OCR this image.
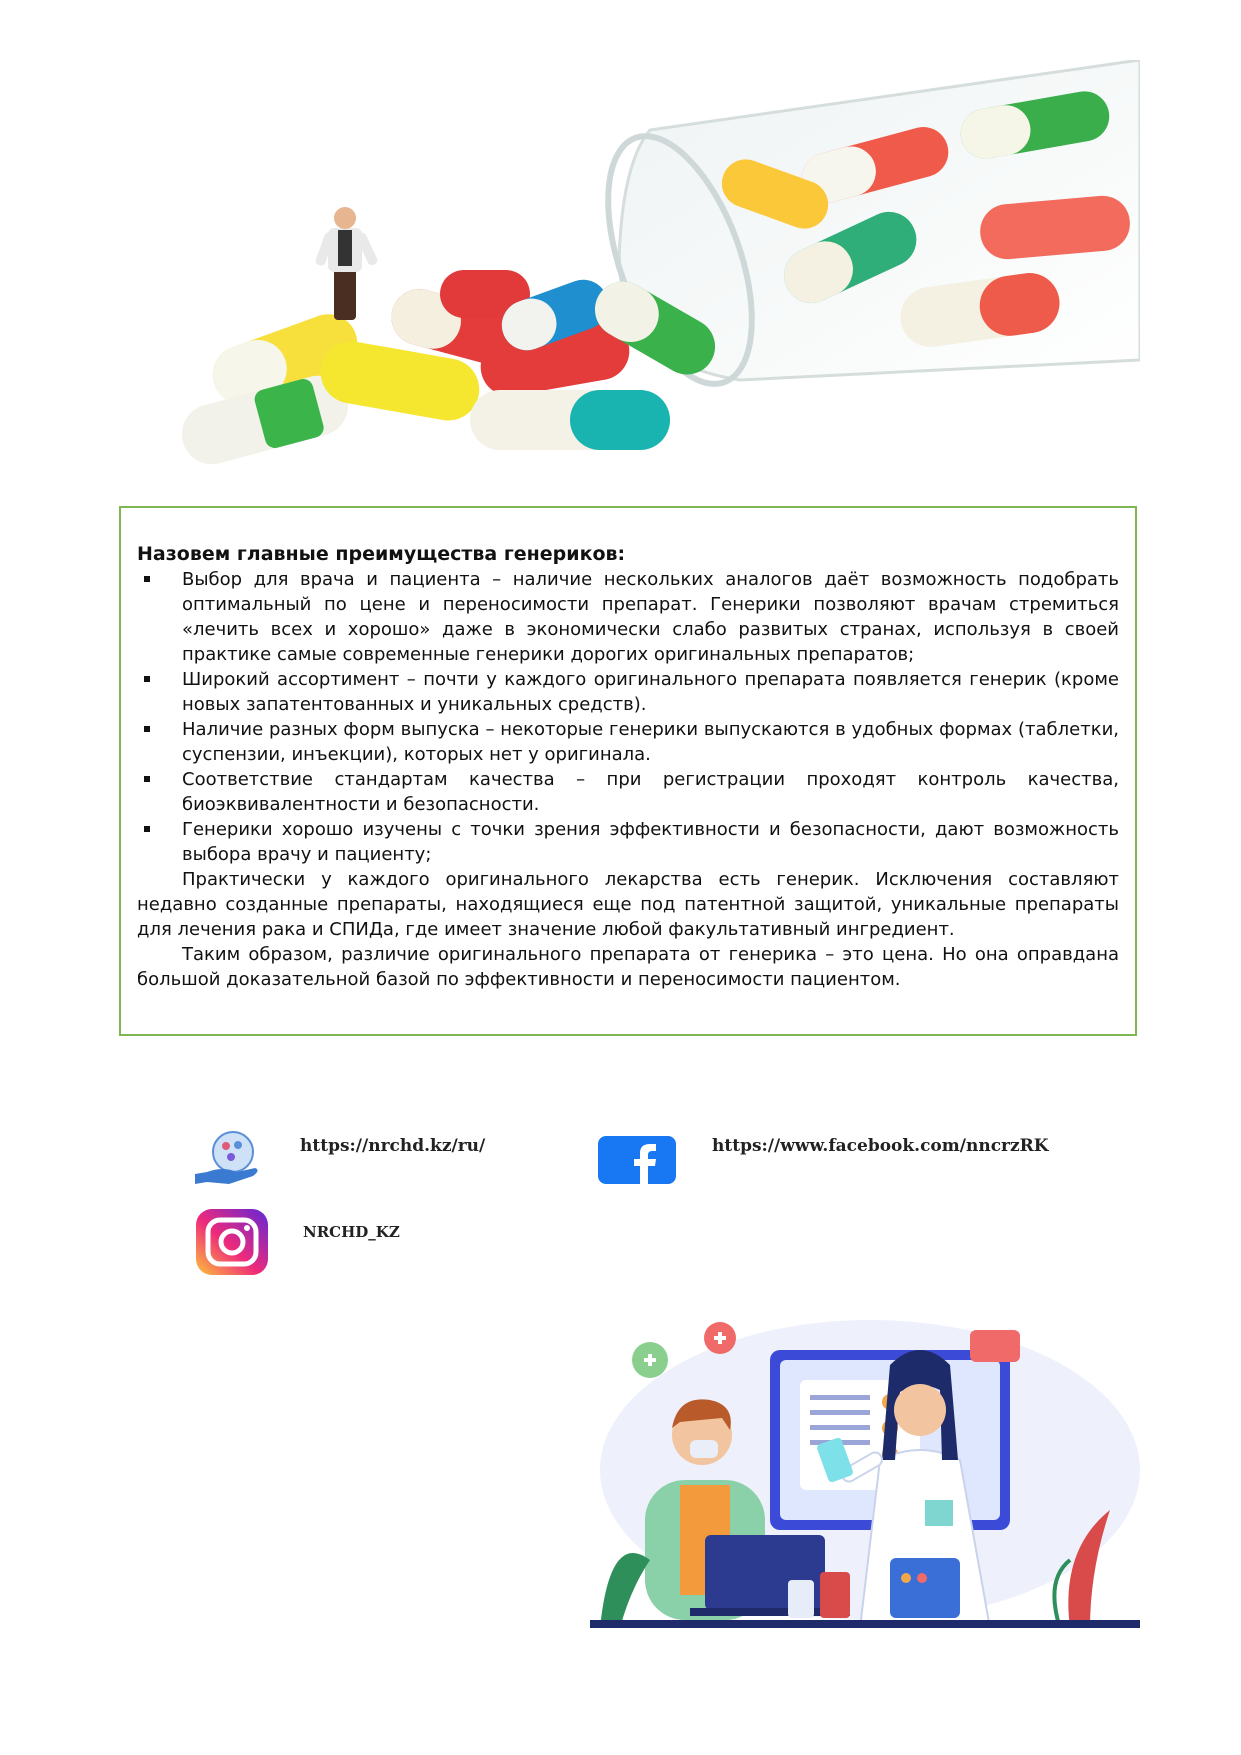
Назовем главные преимущества генериков:

Выбор для врача и пациента – наличие нескольких аналогов даёт возможность подобрать оптимальный по цене и переносимости препарат. Генерики позволяют врачам стремиться «лечить всех и хорошо» даже в экономически слабо развитых странах, используя в своей практике самые современные генерики дорогих оригинальных препаратов;
Широкий ассортимент – почти у каждого оригинального препарата появляется генерик (кроме новых запатентованных и уникальных средств).
Наличие разных форм выпуска – некоторые генерики выпускаются в удобных формах (таблетки, суспензии, инъекции), которых нет у оригинала.
Соответствие стандартам качества – при регистрации проходят контроль качества, биоэквивалентности и безопасности.
Генерики хорошо изучены с точки зрения эффективности и безопасности, дают возможность выбора врачу и пациенту;

Практически у каждого оригинального лекарства есть генерик. Исключения составляют недавно созданные препараты, находящиеся еще под патентной защитой, уникальные препараты для лечения рака и СПИДа, где имеет значение любой факультативный ингредиент.

Таким образом, различие оригинального препарата от генерика – это цена. Но она оправдана большой доказательной базой по эффективности и переносимости пациентом.

https://nrchd.kz/ru/	https://www.facebook.com/nncrzRK
NRCHD_KZ
